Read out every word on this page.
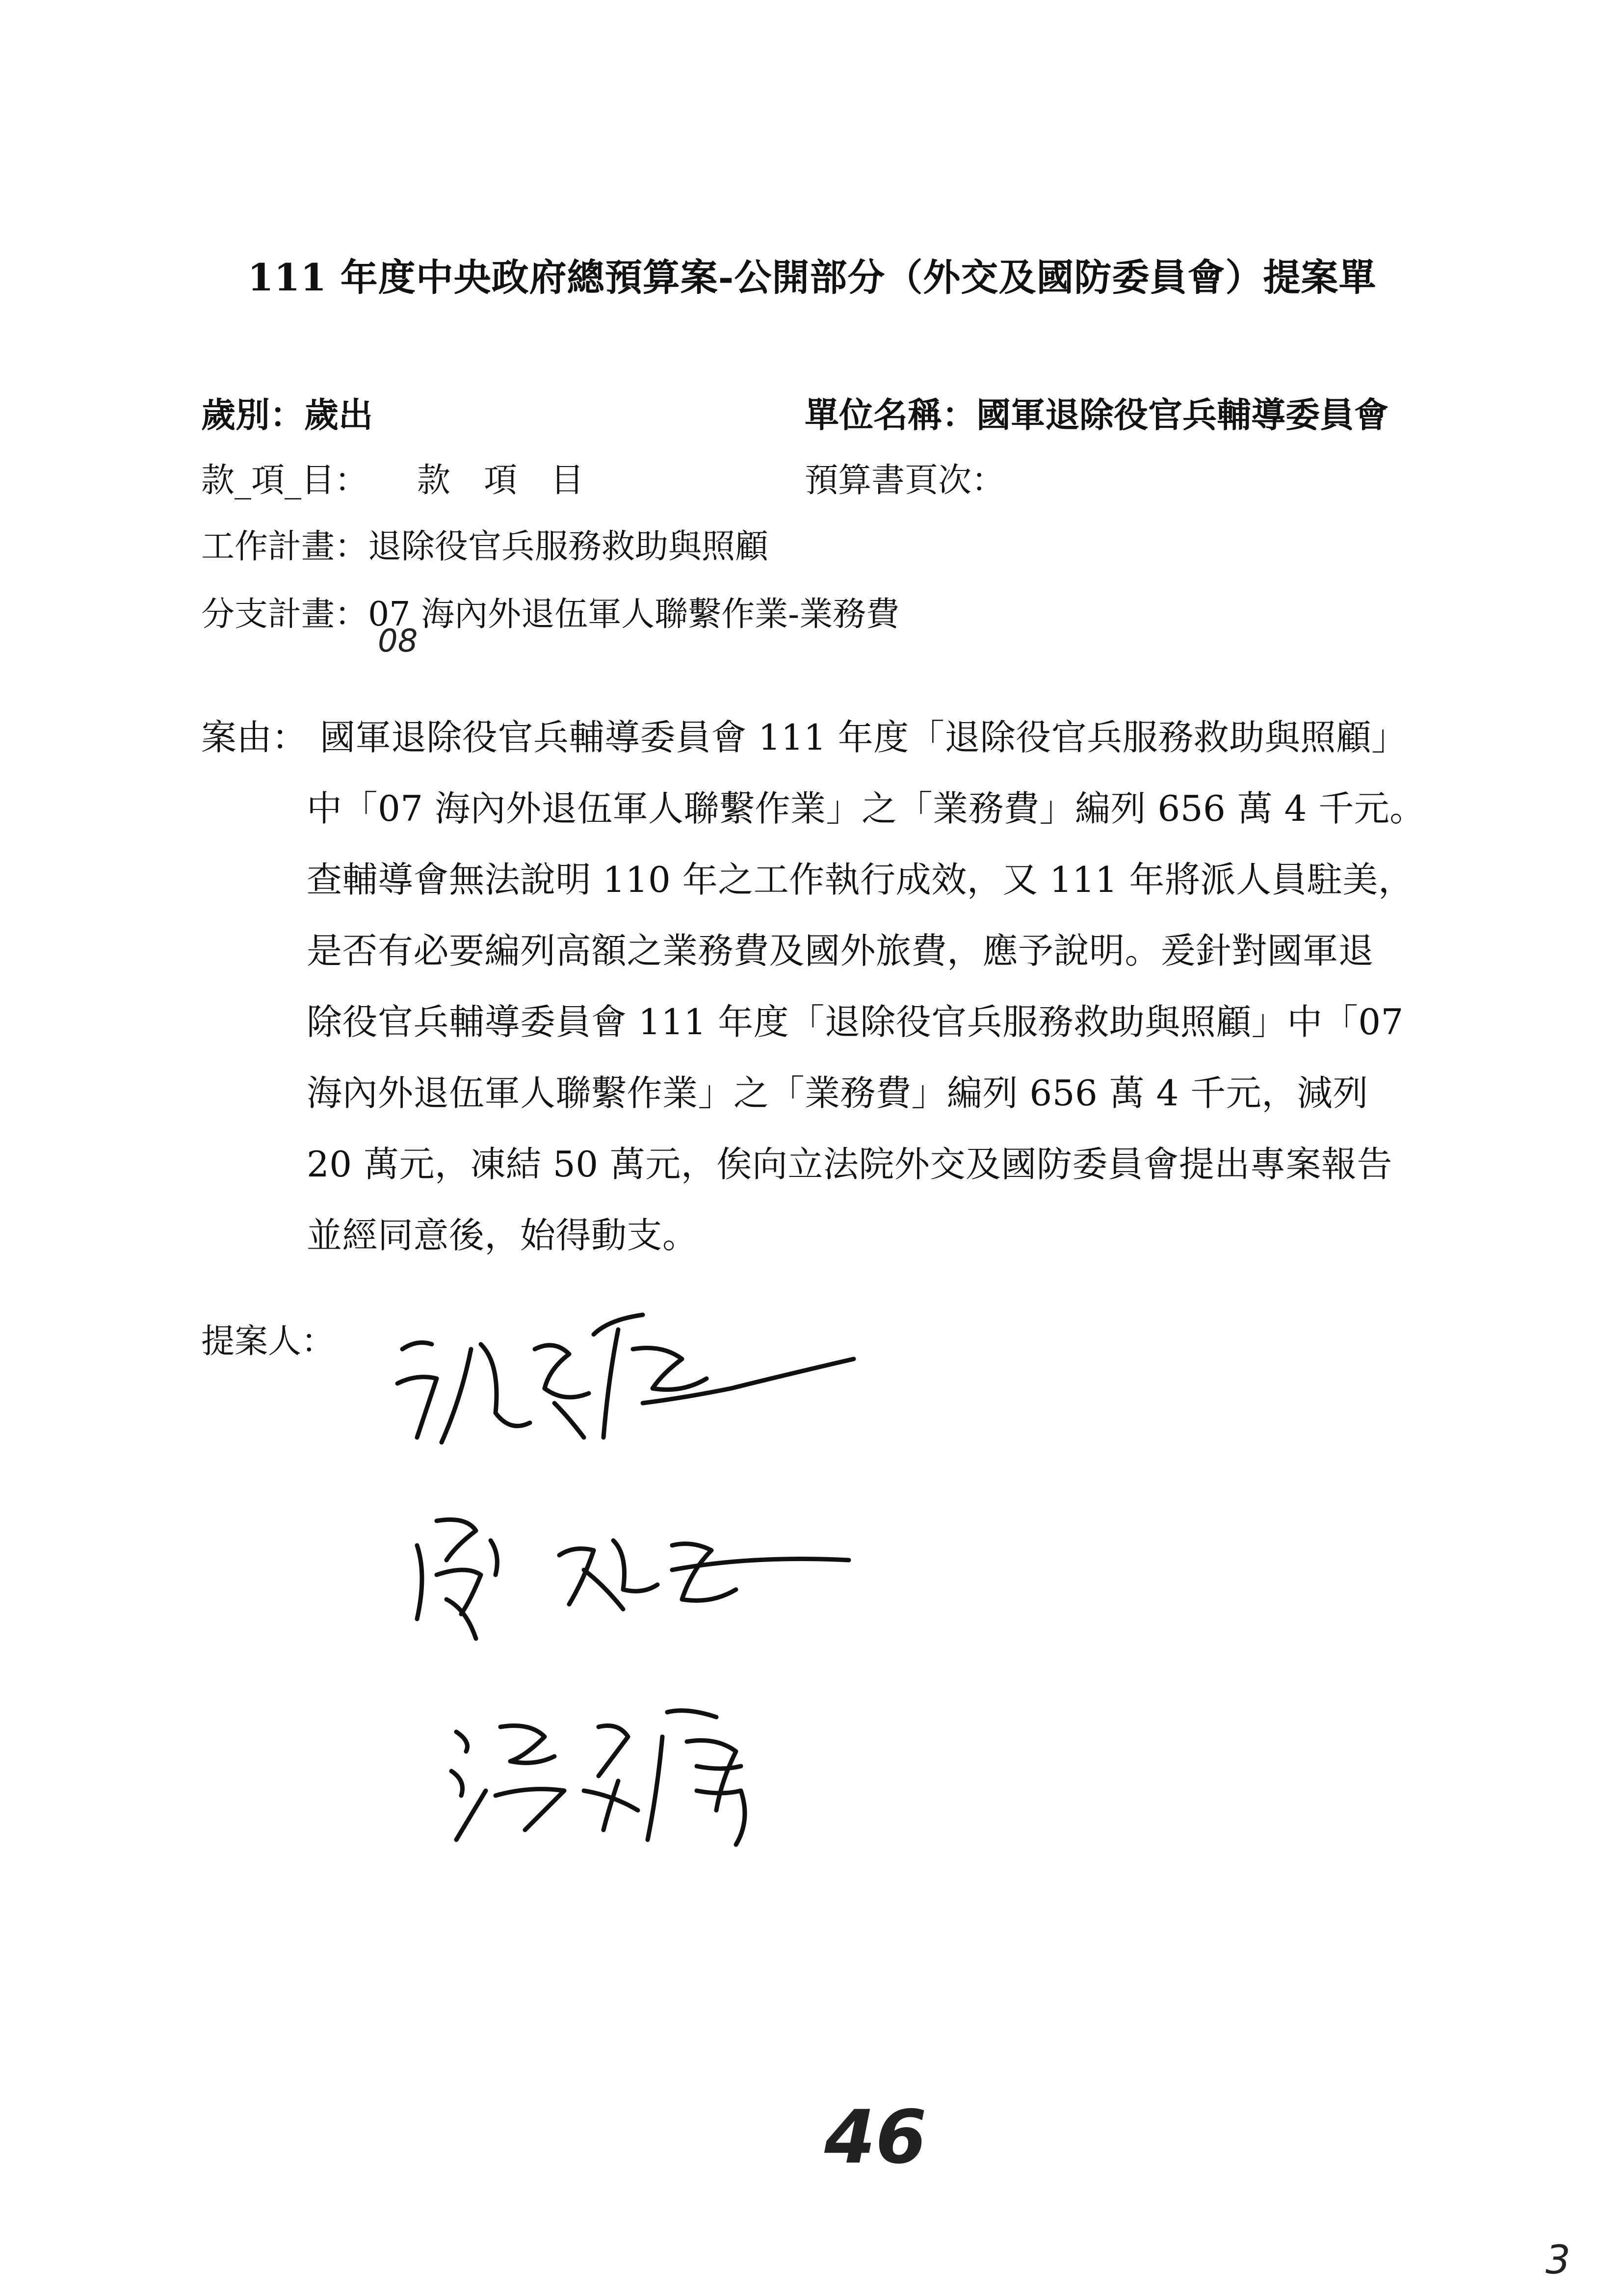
111 年度中央政府總預算案-公開部分（外交及國防委員會）提案單
歲別：歲出	單位名稱：國軍退除役官兵輔導委員會
款_項_目： 款　項　目	預算書頁次：
工作計畫：退除役官兵服務救助與照顧
分支計畫：07 海內外退伍軍人聯繫作業-業務費
08
案由： 國軍退除役官兵輔導委員會 111 年度「退除役官兵服務救助與照顧」
中「07 海內外退伍軍人聯繫作業」之「業務費」編列 656 萬 4 千元。
查輔導會無法說明 110 年之工作執行成效，又 111 年將派人員駐美，
是否有必要編列高額之業務費及國外旅費，應予說明。爰針對國軍退
除役官兵輔導委員會 111 年度「退除役官兵服務救助與照顧」中「07
海內外退伍軍人聯繫作業」之「業務費」編列 656 萬 4 千元，減列
20 萬元，凍結 50 萬元，俟向立法院外交及國防委員會提出專案報告
並經同意後，始得動支。
提案人：
46
3
